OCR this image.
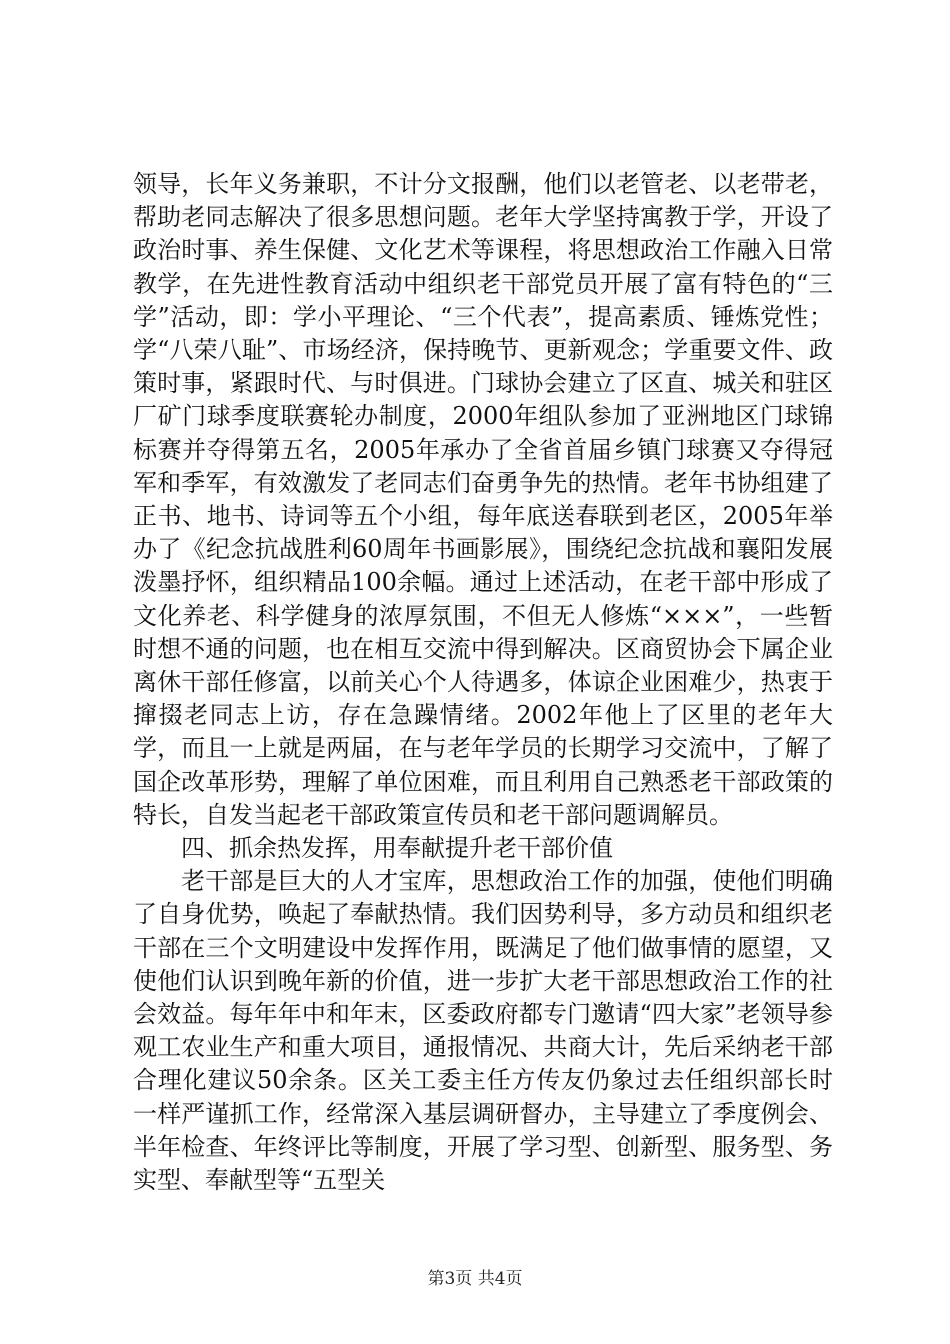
领导，长年义务兼职，不计分文报酬，他们以老管老、以老带老，帮助老同志解决了很多思想问题。老年大学坚持寓教于学，开设了政治时事、养生保健、文化艺术等课程，将思想政治工作融入日常教学，在先进性教育活动中组织老干部党员开展了富有特色的“三学”活动，即：学小平理论、“三个代表”，提高素质、锤炼党性；学“八荣八耻”、市场经济，保持晚节、更新观念；学重要文件、政策时事，紧跟时代、与时俱进。门球协会建立了区直、城关和驻区厂矿门球季度联赛轮办制度，2000年组队参加了亚洲地区门球锦标赛并夺得第五名，2005年承办了全省首届乡镇门球赛又夺得冠军和季军，有效激发了老同志们奋勇争先的热情。老年书协组建了正书、地书、诗词等五个小组，每年底送春联到老区，2005年举办了《纪念抗战胜利60周年书画影展》，围绕纪念抗战和襄阳发展泼墨抒怀，组织精品100余幅。通过上述活动，在老干部中形成了文化养老、科学健身的浓厚氛围，不但无人修炼“×××”，一些暂时想不通的问题，也在相互交流中得到解决。区商贸协会下属企业离休干部任修富，以前关心个人待遇多，体谅企业困难少，热衷于撺掇老同志上访，存在急躁情绪。2002年他上了区里的老年大学，而且一上就是两届，在与老年学员的长期学习交流中，了解了国企改革形势，理解了单位困难，而且利用自己熟悉老干部政策的特长，自发当起老干部政策宣传员和老干部问题调解员。

四、抓余热发挥，用奉献提升老干部价值

老干部是巨大的人才宝库，思想政治工作的加强，使他们明确了自身优势，唤起了奉献热情。我们因势利导，多方动员和组织老干部在三个文明建设中发挥作用，既满足了他们做事情的愿望，又使他们认识到晚年新的价值，进一步扩大老干部思想政治工作的社会效益。每年年中和年末，区委政府都专门邀请“四大家”老领导参观工农业生产和重大项目，通报情况、共商大计，先后采纳老干部合理化建议50余条。区关工委主任方传友仍象过去任组织部长时一样严谨抓工作，经常深入基层调研督办，主导建立了季度例会、半年检查、年终评比等制度，开展了学习型、创新型、服务型、务实型、奉献型等“五型关

第3页 共4页
